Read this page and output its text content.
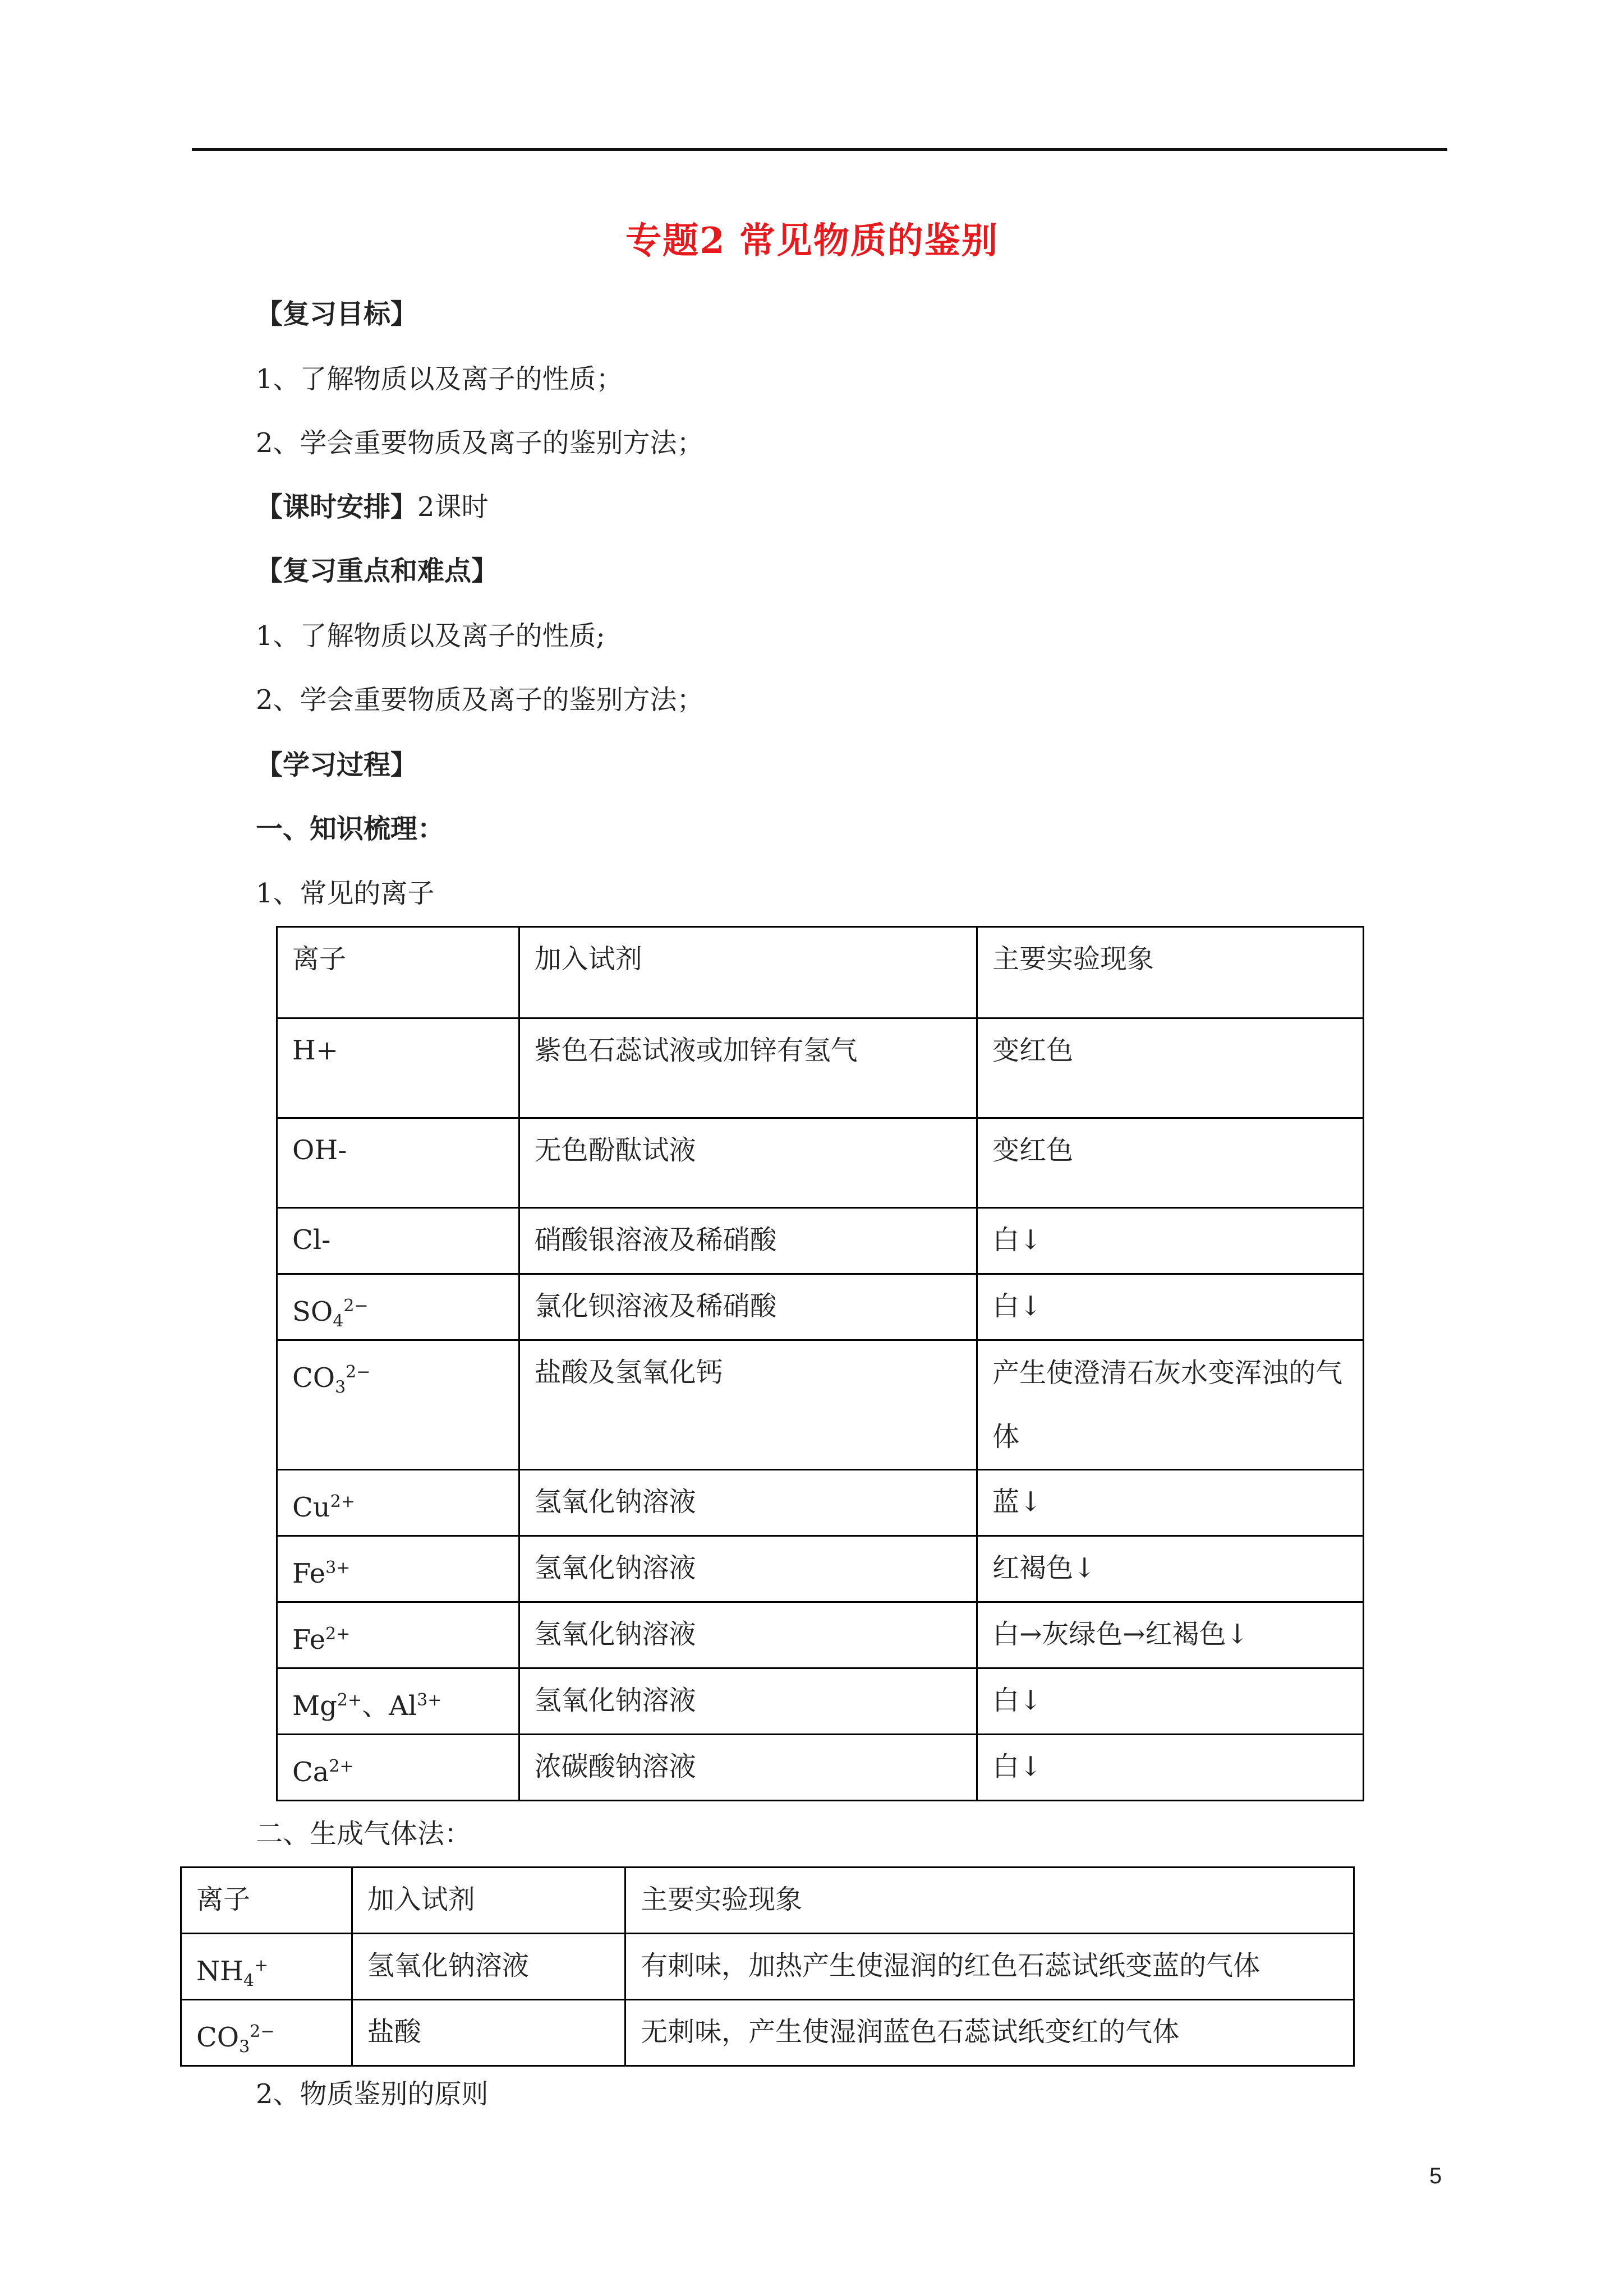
专题2 常见物质的鉴别
【复习目标】
1、了解物质以及离子的性质；
2、学会重要物质及离子的鉴别方法；
【课时安排】2课时
【复习重点和难点】
1、了解物质以及离子的性质;
2、学会重要物质及离子的鉴别方法；
【学习过程】
一、知识梳理：
1、常见的离子
离子	加入试剂	主要实验现象
H+	紫色石蕊试液或加锌有氢气	变红色
OH-	无色酚酞试液	变红色
Cl-	硝酸银溶液及稀硝酸	白↓
$SO_4^{2-}$	氯化钡溶液及稀硝酸	白↓
$CO_3^{2-}$	盐酸及氢氧化钙	产生使澄清石灰水变浑浊的气体
$Cu^{2+}$	氢氧化钠溶液	蓝↓
$Fe^{3+}$	氢氧化钠溶液	红褐色↓
$Fe^{2+}$	氢氧化钠溶液	白→灰绿色→红褐色↓
$Mg^{2+}$、$Al^{3+}$	氢氧化钠溶液	白↓
$Ca^{2+}$	浓碳酸钠溶液	白↓
二、生成气体法：
离子	加入试剂	主要实验现象
$NH_4^+$	氢氧化钠溶液	有刺味，加热产生使湿润的红色石蕊试纸变蓝的气体
$CO_3^{2-}$	盐酸	无刺味，产生使湿润蓝色石蕊试纸变红的气体
2、物质鉴别的原则
5
